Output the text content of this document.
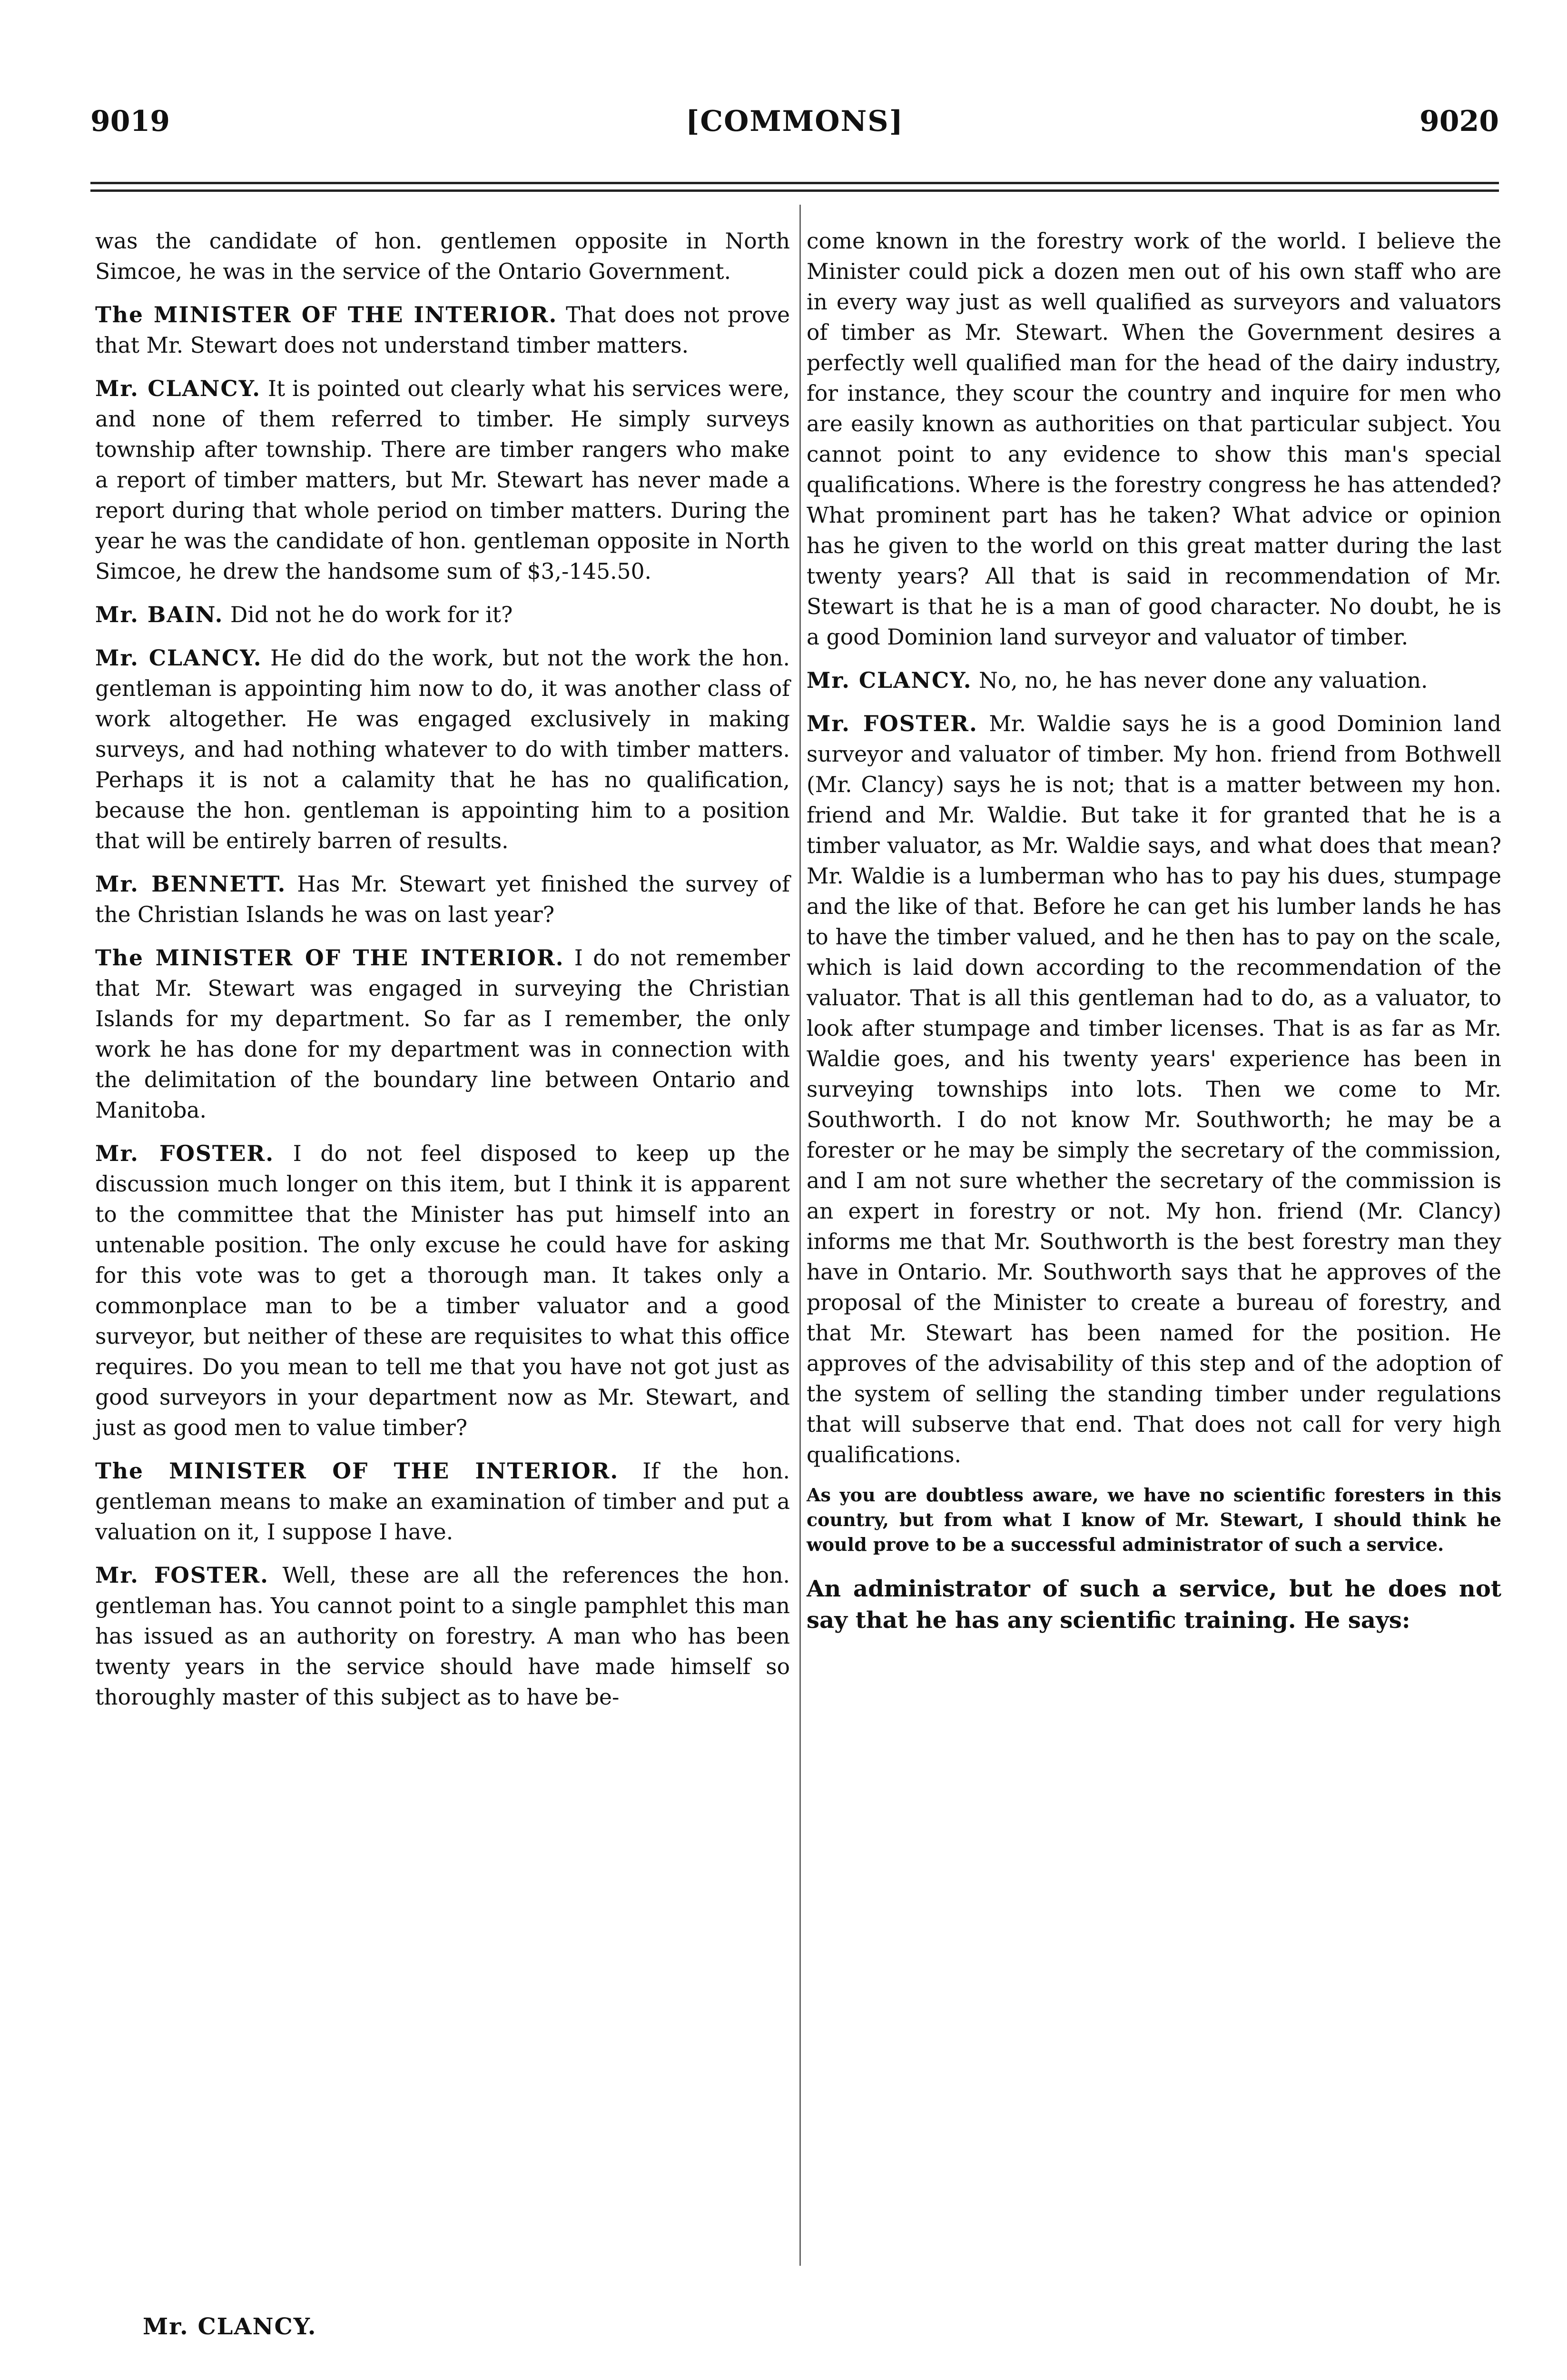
9019	[COMMONS]	9020

was the candidate of hon. gentlemen opposite in North Simcoe, he was in the service of the Ontario Government.

The MINISTER OF THE INTERIOR. That does not prove that Mr. Stewart does not understand timber matters.

Mr. CLANCY. It is pointed out clearly what his services were, and none of them referred to timber. He simply surveys township after township. There are timber rangers who make a report of timber matters, but Mr. Stewart has never made a report during that whole period on timber matters. During the year he was the candidate of hon. gentleman opposite in North Simcoe, he drew the handsome sum of $3,-145.50.

Mr. BAIN. Did not he do work for it?

Mr. CLANCY. He did do the work, but not the work the hon. gentleman is appointing him now to do, it was another class of work altogether. He was engaged exclusively in making surveys, and had nothing whatever to do with timber matters. Perhaps it is not a calamity that he has no qualification, because the hon. gentleman is appointing him to a position that will be entirely barren of results.

Mr. BENNETT. Has Mr. Stewart yet finished the survey of the Christian Islands he was on last year?

The MINISTER OF THE INTERIOR. I do not remember that Mr. Stewart was engaged in surveying the Christian Islands for my department. So far as I remember, the only work he has done for my department was in connection with the delimitation of the boundary line between Ontario and Manitoba.

Mr. FOSTER. I do not feel disposed to keep up the discussion much longer on this item, but I think it is apparent to the committee that the Minister has put himself into an untenable position. The only excuse he could have for asking for this vote was to get a thorough man. It takes only a commonplace man to be a timber valuator and a good surveyor, but neither of these are requisites to what this office requires. Do you mean to tell me that you have not got just as good surveyors in your department now as Mr. Stewart, and just as good men to value timber?

The MINISTER OF THE INTERIOR. If the hon. gentleman means to make an examination of timber and put a valuation on it, I suppose I have.

Mr. FOSTER. Well, these are all the references the hon. gentleman has. You cannot point to a single pamphlet this man has issued as an authority on forestry. A man who has been twenty years in the service should have made himself so thoroughly master of this subject as to have be-

come known in the forestry work of the world. I believe the Minister could pick a dozen men out of his own staff who are in every way just as well qualified as surveyors and valuators of timber as Mr. Stewart. When the Government desires a perfectly well qualified man for the head of the dairy industry, for instance, they scour the country and inquire for men who are easily known as authorities on that particular subject. You cannot point to any evidence to show this man's special qualifications. Where is the forestry congress he has attended? What prominent part has he taken? What advice or opinion has he given to the world on this great matter during the last twenty years? All that is said in recommendation of Mr. Stewart is that he is a man of good character. No doubt, he is a good Dominion land surveyor and valuator of timber.

Mr. CLANCY. No, no, he has never done any valuation.

Mr. FOSTER. Mr. Waldie says he is a good Dominion land surveyor and valuator of timber. My hon. friend from Bothwell (Mr. Clancy) says he is not; that is a matter between my hon. friend and Mr. Waldie. But take it for granted that he is a timber valuator, as Mr. Waldie says, and what does that mean? Mr. Waldie is a lumberman who has to pay his dues, stumpage and the like of that. Before he can get his lumber lands he has to have the timber valued, and he then has to pay on the scale, which is laid down according to the recommendation of the valuator. That is all this gentleman had to do, as a valuator, to look after stumpage and timber licenses. That is as far as Mr. Waldie goes, and his twenty years' experience has been in surveying townships into lots. Then we come to Mr. Southworth. I do not know Mr. Southworth; he may be a forester or he may be simply the secretary of the commission, and I am not sure whether the secretary of the commission is an expert in forestry or not. My hon. friend (Mr. Clancy) informs me that Mr. Southworth is the best forestry man they have in Ontario. Mr. Southworth says that he approves of the proposal of the Minister to create a bureau of forestry, and that Mr. Stewart has been named for the position. He approves of the advisability of this step and of the adoption of the system of selling the standing timber under regulations that will subserve that end. That does not call for very high qualifications.

As you are doubtless aware, we have no scientific foresters in this country, but from what I know of Mr. Stewart, I should think he would prove to be a successful administrator of such a service.

An administrator of such a service, but he does not say that he has any scientific training. He says:

Mr. CLANCY.
